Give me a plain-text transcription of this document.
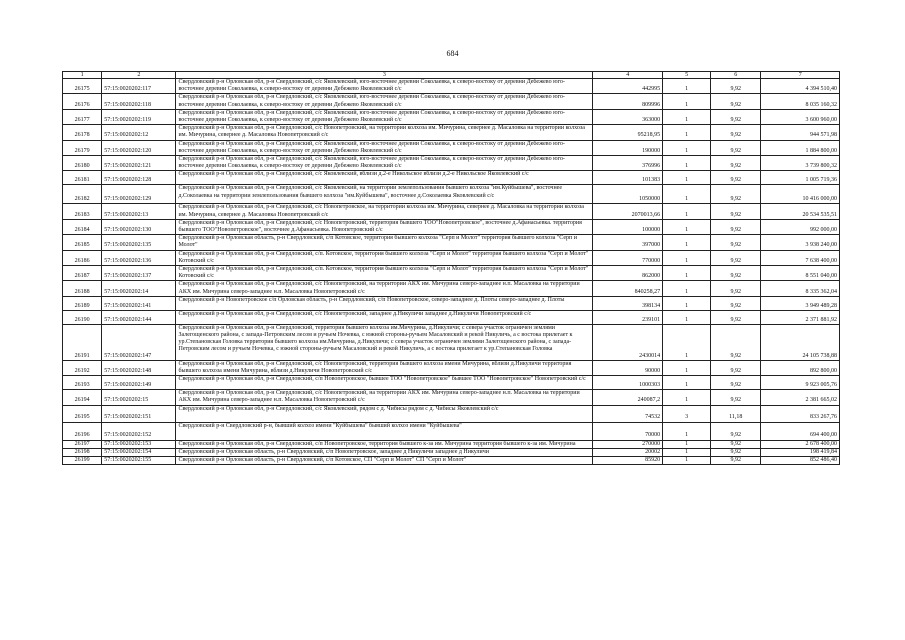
684
1	2	3	4	5	6	7
26175	57:15:0020202:117	Свердловский р-н Орловская обл, р-н Свердловский, с/с Яковлевский, юго-восточнее деревни Соколаевка, к северо-востоку от деревни Дебежево юго-восточнее деревни Соколаевка, к северо-востоку от деревни Дебежево Яковлевский с/с	442995	1	9,92	4 394 510,40
26176	57:15:0020202:118	Свердловский р-н Орловская обл, р-н Свердловский, с/с Яковлевский, юго-восточнее деревни Соколаевка, к северо-востоку от деревни Дебежево юго-восточнее деревни Соколаевка, к северо-востоку от деревни Дебежево Яковлевский с/с	809996	1	9,92	8 035 160,32
26177	57:15:0020202:119	Свердловский р-н Орловская обл, р-н Свердловский, с/с Яковлевский, юго-восточнее деревни Соколаевка, к северо-востоку от деревни Дебежево юго-восточнее деревни Соколаевка, к северо-востоку от деревни Дебежево Яковлевский с/с	363000	1	9,92	3 600 960,00
26178	57:15:0020202:12	Свердловский р-н Орловская обл, р-н Свердловский, с/с Новопетровский, на территории колхоза им. Мичурина, севернее д. Масаловка на территории колхоза им. Мичурина, севернее д. Масаловка Новопетровский с/с	95218,95	1	9,92	944 571,98
26179	57:15:0020202:120	Свердловский р-н Орловская обл, р-н Свердловский, с/с Яковлевский, юго-восточнее деревни Соколаевка, к северо-востоку от деревни Дебежево юго-восточнее деревни Соколаевка, к северо-востоку от деревни Дебежево Яковлевский с/с	190000	1	9,92	1 884 800,00
26180	57:15:0020202:121	Свердловский р-н Орловская обл, р-н Свердловский, с/с Яковлевский, юго-восточнее деревни Соколаевка, к северо-востоку от деревни Дебежево юго-восточнее деревни Соколаевка, к северо-востоку от деревни Дебежево Яковлевский с/с	376996	1	9,92	3 739 800,32
26181	57:15:0020202:128	Свердловский р-н Орловская обл, р-н Свердловский, с/с Яковлевский, вблизи д.2-е Никольское вблизи д.2-е Никольское Яковлевский с/с	101383	1	9,92	1 005 719,36
26182	57:15:0020202:129	Свердловский р-н Орловская обл, р-н Свердловский, с/с Яковлевский, на территории землепользования бывшего колхоза "им.Куйбышева", восточнее д.Соколаевка на территории землепользования бывшего колхоза "им.Куйбышева", восточнее д.Соколаевка Яковлевский с/с	1050000	1	9,92	10 416 000,00
26183	57:15:0020202:13	Свердловский р-н Орловская обл, р-н Свердловский, с/с Новопетровское, на территории колхоза им. Мичурина, севернее д. Масаловка на территории колхоза им. Мичурина, севернее д. Масаловка Новопетровский с/с	2070013,66	1	9,92	20 534 535,51
26184	57:15:0020202:130	Свердловский р-н Орловская обл, р-н Свердловский, с/с Новопетровский, территория бывшего ТОО"Новопетровское", восточнее д.Афанасьевка. территория бывшего ТОО"Новопетровское", восточнее д.Афанасьевка. Новопетровский с/с	100000	1	9,92	992 000,00
26185	57:15:0020202:135	Свердловский р-н Орловская область, р-н Свердловский, с/п Котовское, территория бывшего колхоза "Серп и Молот" территория бывшего колхоза "Серп и Молот"	397000	1	9,92	3 938 240,00
26186	57:15:0020202:136	Свердловский р-н Орловская обл, р-н Свердловский, с/п. Котовское, территория бывшего колхоза "Серп и Молот" территория бывшего колхоза "Серп и Молот" Котовский с/с	770000	1	9,92	7 638 400,00
26187	57:15:0020202:137	Свердловский р-н Орловская обл, р-н Свердловский, с/п. Котовское, территория бывшего колхоза "Серп и Молот" территория бывшего колхоза "Серп и Молот" Котовский с/с	862000	1	9,92	8 551 040,00
26188	57:15:0020202:14	Свердловский р-н Орловская обл, р-н Свердловский, с/с Новопетровский, на территории АКХ им. Мичурина северо-западнее н.п. Масаловка на территории АКХ им. Мичурина северо-западнее н.п. Масаловка Новопетровский с/с	840258,27	1	9,92	8 335 362,04
26189	57:15:0020202:141	Свердловский р-н Новопетровское с/п Орловская область, р-н Свердловский, с/п Новопетровское, северо-западнее д. Плоты северо-западнее д. Плоты	398134	1	9,92	3 949 489,28
26190	57:15:0020202:144	Свердловский р-н Орловская обл, р-н Свердловский, с/с Новопетровский, западнее д.Никуличи западнее д.Никуличи Новопетровский с/с	239101	1	9,92	2 371 881,92
26191	57:15:0020202:147	Свердловский р-н Орловская обл, р-н Свердловский, территория бывшего колхоза им.Мичурина, д.Никуличи; с севера участок ограничен землями Залегощенского района, с запада-Петровским лесом и ручьем Ночевка, с южной стороны-ручьем Масаловский и рекой Никуличь, а с востока прилегает к ур.Степановская Головка территория бывшего колхоза им.Мичурина, д.Никуличи; с севера участок ограничен землями Залегощенского района, с запада-Петровским лесом и ручьем Ночевка, с южной стороны-ручьем Масаловский и рекой Никуличь, а с востока прилегает к ур.Степановская Головка	2430014	1	9,92	24 105 738,88
26192	57:15:0020202:148	Свердловский р-н Орловская обл, р-н Свердловский, с/с Новопетровский, территория бывшего колхоза имени Мичурина, вблизи д.Никуличи территория бывшего колхоза имени Мичурина, вблизи д.Никуличи Новопетровский с/с	90000	1	9,92	892 800,00
26193	57:15:0020202:149	Свердловский р-н Орловская обл, р-н Свердловский, с/п Новопетровское, бывшее ТОО "Новопетровское" бывшее ТОО "Новопетровское" Новопетровский с/с	1000303	1	9,92	9 923 005,76
26194	57:15:0020202:15	Свердловский р-н Орловская обл, р-н Свердловский, с/с Новопетровский, на территории АКХ им. Мичурина северо-западнее н.п. Масаловка на территории АКХ им. Мичурина северо-западнее н.п. Масаловка Новопетровский с/с	240087,2	1	9,92	2 381 665,02
26195	57:15:0020202:151	Свердловский р-н Орловская обл, р-н Свердловский, с/с Яковлевский, рядом с д. Чибисы рядом с д. Чибисы Яковлевский с/с	74532	3	11,18	833 267,76
26196	57:15:0020202:152	Свердловский р-н Свердловский р-н, бывший колхоз имени "Куйбышева" бывший колхоз имени "Куйбышева"	70000	1	9,92	694 400,00
26197	57:15:0020202:153	Свердловский р-н Орловская обл, р-н Свердловский, с/п Новопетровское, территория бывшего к-за им. Мичурина территория бывшего к-за им. Мичурина	270000	1	9,92	2 678 400,00
26198	57:15:0020202:154	Свердловский р-н Орловская область, р-н Свердловский, с/п Новопетровское, западнее д Никуличи западнее д Никуличи	20002	1	9,92	198 419,84
26199	57:15:0020202:155	Свердловский р-н Орловская область, р-н Свердловский, с/п Котовское, СП "Серп и Молот" СП "Серп и Молот"	85920	1	9,92	852 486,40
